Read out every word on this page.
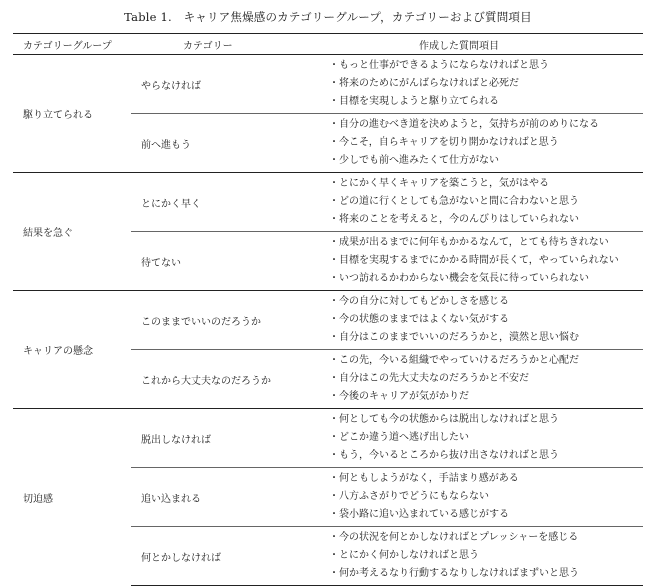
Table 1.　キャリア焦燥感のカテゴリーグループ，カテゴリーおよび質問項目
カテゴリーグループ	カテゴリー	作成した質問項目
駆り立てられる	やらなければ	・もっと仕事ができるようにならなければと思う
・将来のためにがんばらなければと必死だ
・目標を実現しようと駆り立てられる

	前へ進もう	・自分の進むべき道を決めようと，気持ちが前のめりになる
・今こそ，自らキャリアを切り開かなければと思う
・少しでも前へ進みたくて仕方がない

結果を急ぐ	とにかく早く	・とにかく早くキャリアを築こうと，気がはやる
・どの道に行くとしても急がないと間に合わないと思う
・将来のことを考えると，今のんびりはしていられない

	待てない	・成果が出るまでに何年もかかるなんて，とても待ちきれない
・目標を実現するまでにかかる時間が長くて，やっていられない
・いつ訪れるかわからない機会を気長に待っていられない

キャリアの懸念	このままでいいのだろうか	・今の自分に対してもどかしさを感じる
・今の状態のままではよくない気がする
・自分はこのままでいいのだろうかと，漠然と思い悩む

	これから大丈夫なのだろうか	・この先，今いる組織でやっていけるだろうかと心配だ
・自分はこの先大丈夫なのだろうかと不安だ
・今後のキャリアが気がかりだ

切迫感	脱出しなければ	・何としても今の状態からは脱出しなければと思う
・どこか違う道へ逃げ出したい
・もう，今いるところから抜け出さなければと思う

	追い込まれる	・何ともしようがなく，手詰まり感がある
・八方ふさがりでどうにもならない
・袋小路に追い込まれている感じがする

	何とかしなければ	・今の状況を何とかしなければとプレッシャーを感じる
・とにかく何かしなければと思う
・何か考えるなり行動するなりしなければまずいと思う
